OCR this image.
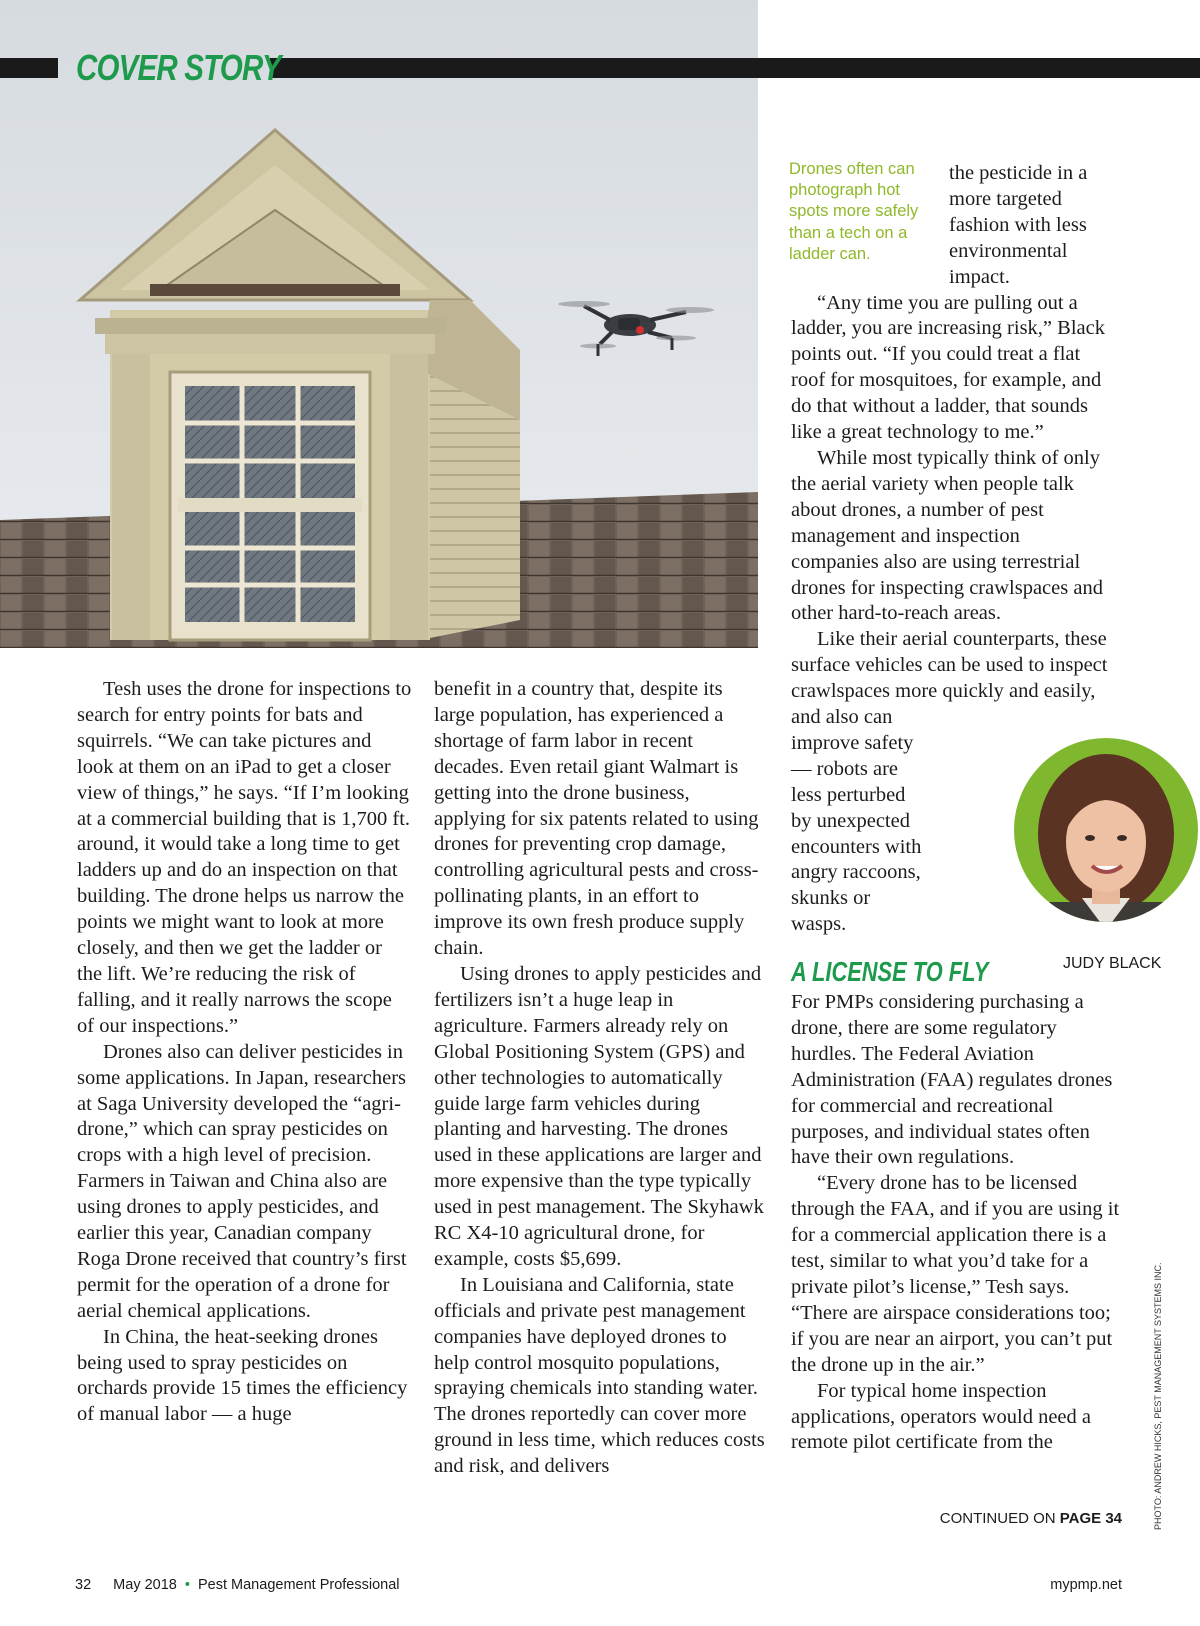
COVER STORY

Tesh uses the drone for inspections to search for entry points for bats and squirrels. “We can take pictures and look at them on an iPad to get a closer view of things,” he says. “If I’m looking at a commercial building that is 1,700 ft. around, it would take a long time to get ladders up and do an inspection on that building. The drone helps us narrow the points we might want to look at more closely, and then we get the ladder or the lift. We’re reducing the risk of falling, and it really narrows the scope of our inspections.”

Drones also can deliver pesticides in some applications. In Japan, researchers at Saga University developed the “agri-drone,” which can spray pesticides on crops with a high level of precision. Farmers in Taiwan and China also are using drones to apply pesticides, and earlier this year, Canadian company Roga Drone received that country’s first permit for the operation of a drone for aerial chemical applications.

In China, the heat-seeking drones being used to spray pesticides on orchards provide 15 times the efficiency of manual labor — a huge

benefit in a country that, despite its large population, has experienced a shortage of farm labor in recent decades. Even retail giant Walmart is getting into the drone business, applying for six patents related to using drones for preventing crop damage, controlling agricultural pests and cross-pollinating plants, in an effort to improve its own fresh produce supply chain.

Using drones to apply pesticides and fertilizers isn’t a huge leap in agriculture. Farmers already rely on Global Positioning System (GPS) and other technologies to automatically guide large farm vehicles during planting and harvesting. The drones used in these applications are larger and more expensive than the type typically used in pest management. The Skyhawk RC X4-10 agricultural drone, for example, costs $5,699.

In Louisiana and California, state officials and private pest management companies have deployed drones to help control mosquito populations, spraying chemicals into standing water. The drones reportedly can cover more ground in less time, which reduces costs and risk, and delivers

Drones often can photograph hot spots more safely than a tech on a ladder can.

the pesticide in a more targeted fashion with less environmental impact.

“Any time you are pulling out a ladder, you are increasing risk,” Black points out. “If you could treat a flat roof for mosquitoes, for example, and do that without a ladder, that sounds like a great technology to me.”

While most typically think of only the aerial variety when people talk about drones, a number of pest management and inspection companies also are using terrestrial drones for inspecting crawlspaces and other hard-to-reach areas.

Like their aerial counterparts, these surface vehicles can be used to inspect crawlspaces more quickly and easily, and also can improve safety — robots are less perturbed by unexpected encounters with angry raccoons, skunks or wasps.

JUDY BLACK
A LICENSE TO FLY

For PMPs considering purchasing a drone, there are some regulatory hurdles. The Federal Aviation Administration (FAA) regulates drones for commercial and recreational purposes, and individual states often have their own regulations.

“Every drone has to be licensed through the FAA, and if you are using it for a commercial application there is a test, similar to what you’d take for a private pilot’s license,” Tesh says. “There are airspace considerations too; if you are near an airport, you can’t put the drone up in the air.”

For typical home inspection applications, operators would need a remote pilot certificate from the

CONTINUED ON PAGE 34	PHOTO: ANDREW HICKS, PEST MANAGEMENT SYSTEMS INC.
32 May 2018 • Pest Management Professional	mypmp.net
